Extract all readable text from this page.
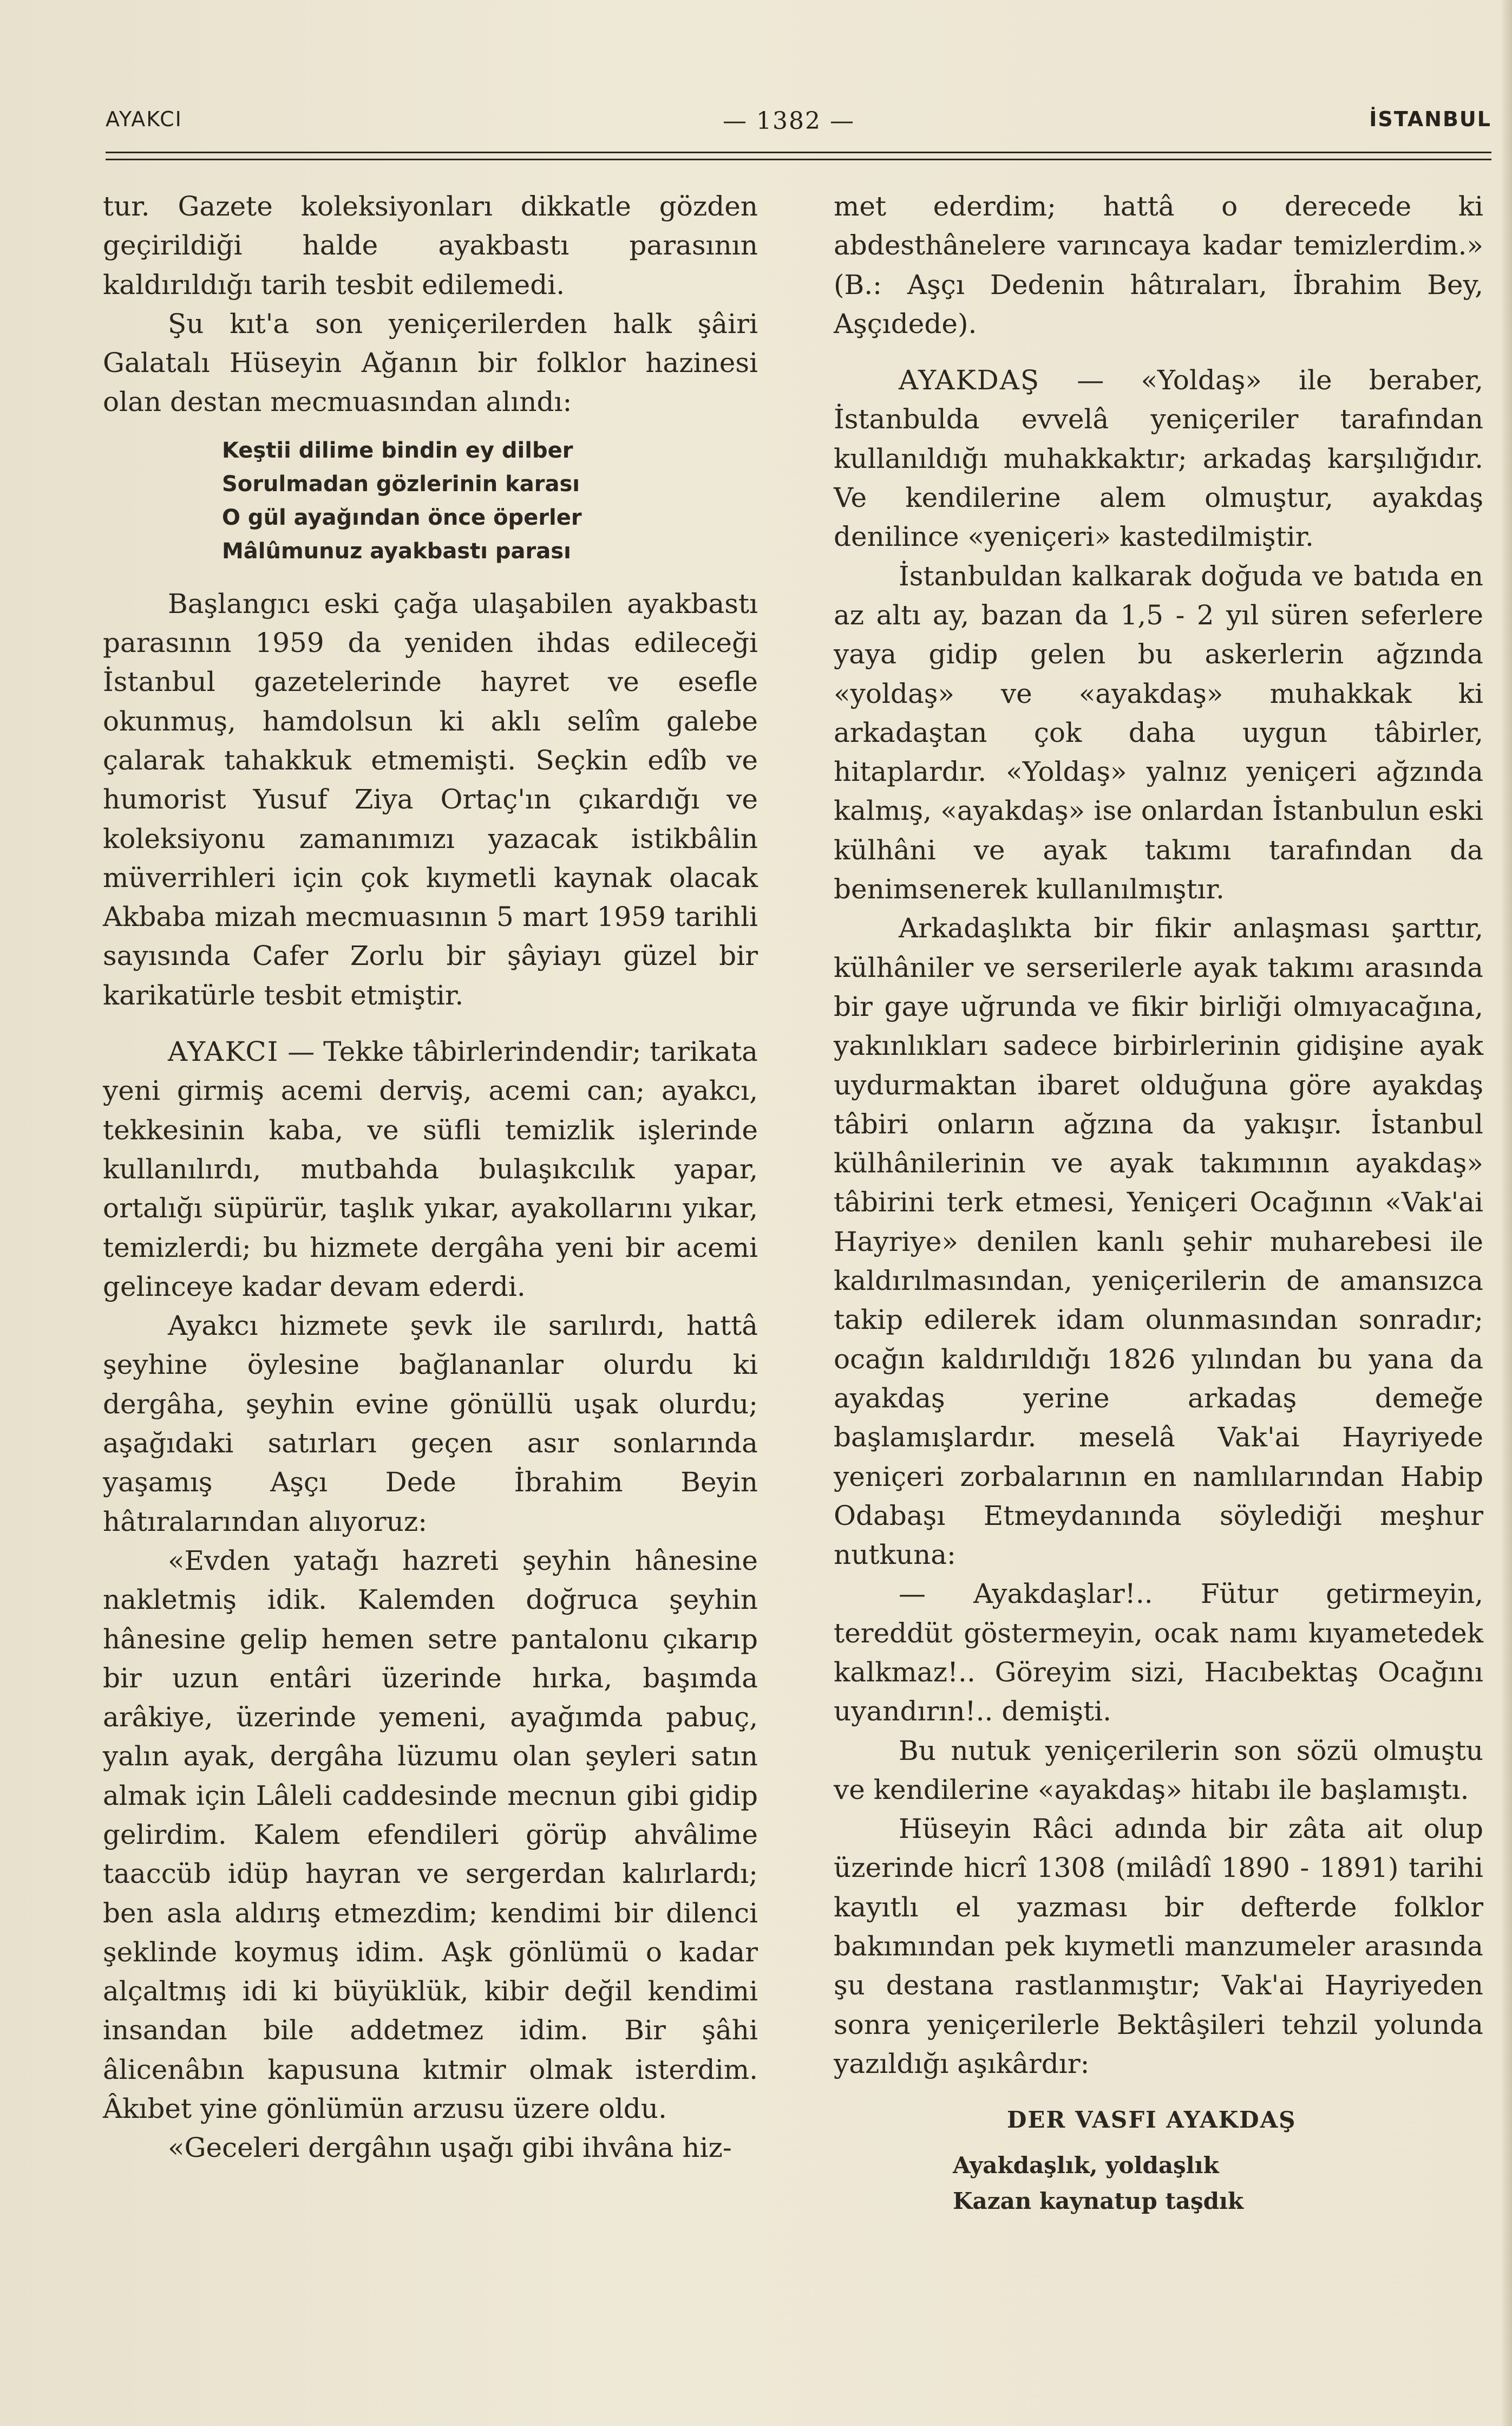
AYAKCI	— 1382 —	İSTANBUL

tur. Gazete koleksiyonları dikkatle gözden geçirildiği halde ayakbastı parasının kaldırıldığı tarih tesbit edilemedi.

Şu kıt'a son yeniçerilerden halk şâiri Galatalı Hüseyin Ağanın bir folklor hazinesi olan destan mecmuasından alındı:

Keştii dilime bindin ey dilber
Sorulmadan gözlerinin karası
O gül ayağından önce öperler
Mâlûmunuz ayakbastı parası

Başlangıcı eski çağa ulaşabilen ayakbastı parasının 1959 da yeniden ihdas edileceği İstanbul gazetelerinde hayret ve esefle okunmuş, hamdolsun ki aklı selîm galebe çalarak tahakkuk etmemişti. Seçkin edîb ve humorist Yusuf Ziya Ortaç'ın çıkardığı ve koleksiyonu zamanımızı yazacak istikbâlin müverrihleri için çok kıymetli kaynak olacak Akbaba mizah mecmuasının 5 mart 1959 tarihli sayısında Cafer Zorlu bir şâyiayı güzel bir karikatürle tesbit etmiştir.

AYAKCI — Tekke tâbirlerindendir; tarikata yeni girmiş acemi derviş, acemi can; ayakcı, tekkesinin kaba, ve süfli temizlik işlerinde kullanılırdı, mutbahda bulaşıkcılık yapar, ortalığı süpürür, taşlık yıkar, ayakollarını yıkar, temizlerdi; bu hizmete dergâha yeni bir acemi gelinceye kadar devam ederdi.

Ayakcı hizmete şevk ile sarılırdı, hattâ şeyhine öylesine bağlananlar olurdu ki dergâha, şeyhin evine gönüllü uşak olurdu; aşağıdaki satırları geçen asır sonlarında yaşamış Aşçı Dede İbrahim Beyin hâtıralarından alıyoruz:

«Evden yatağı hazreti şeyhin hânesine nakletmiş idik. Kalemden doğruca şeyhin hânesine gelip hemen setre pantalonu çıkarıp bir uzun entâri üzerinde hırka, başımda arâkiye, üzerinde yemeni, ayağımda pabuç, yalın ayak, dergâha lüzumu olan şeyleri satın almak için Lâleli caddesinde mecnun gibi gidip gelirdim. Kalem efendileri görüp ahvâlime taaccüb idüp hayran ve sergerdan kalırlardı; ben asla aldırış etmezdim; kendimi bir dilenci şeklinde koymuş idim. Aşk gönlümü o kadar alçaltmış idi ki büyüklük, kibir değil kendimi insandan bile addetmez idim. Bir şâhi âlicenâbın kapusuna kıtmir olmak isterdim. Âkıbet yine gönlümün arzusu üzere oldu.

«Geceleri dergâhın uşağı gibi ihvâna hiz-

met ederdim; hattâ o derecede ki abdesthânelere varıncaya kadar temizlerdim.» (B.: Aşçı Dedenin hâtıraları, İbrahim Bey, Aşçıdede).

AYAKDAŞ — «Yoldaş» ile beraber, İstanbulda evvelâ yeniçeriler tarafından kullanıldığı muhakkaktır; arkadaş karşılığıdır. Ve kendilerine alem olmuştur, ayakdaş denilince «yeniçeri» kastedilmiştir.

İstanbuldan kalkarak doğuda ve batıda en az altı ay, bazan da 1,5 - 2 yıl süren seferlere yaya gidip gelen bu askerlerin ağzında «yoldaş» ve «ayakdaş» muhakkak ki arkadaştan çok daha uygun tâbirler, hitaplardır. «Yoldaş» yalnız yeniçeri ağzında kalmış, «ayakdaş» ise onlardan İstanbulun eski külhâni ve ayak takımı tarafından da benimsenerek kullanılmıştır.

Arkadaşlıkta bir fikir anlaşması şarttır, külhâniler ve serserilerle ayak takımı arasında bir gaye uğrunda ve fikir birliği olmıyacağına, yakınlıkları sadece birbirlerinin gidişine ayak uydurmaktan ibaret olduğuna göre ayakdaş tâbiri onların ağzına da yakışır. İstanbul külhânilerinin ve ayak takımının ayakdaş» tâbirini terk etmesi, Yeniçeri Ocağının «Vak'ai Hayriye» denilen kanlı şehir muharebesi ile kaldırılmasından, yeniçerilerin de amansızca takip edilerek idam olunmasından sonradır; ocağın kaldırıldığı 1826 yılından bu yana da ayakdaş yerine arkadaş demeğe başlamışlardır. meselâ Vak'ai Hayriyede yeniçeri zorbalarının en namlılarından Habip Odabaşı Etmeydanında söylediği meşhur nutkuna:

— Ayakdaşlar!.. Fütur getirmeyin, tereddüt göstermeyin, ocak namı kıyametedek kalkmaz!.. Göreyim sizi, Hacıbektaş Ocağını uyandırın!.. demişti.

Bu nutuk yeniçerilerin son sözü olmuştu ve kendilerine «ayakdaş» hitabı ile başlamıştı.

Hüseyin Râci adında bir zâta ait olup üzerinde hicrî 1308 (milâdî 1890 - 1891) tarihi kayıtlı el yazması bir defterde folklor bakımından pek kıymetli manzumeler arasında şu destana rastlanmıştır; Vak'ai Hayriyeden sonra yeniçerilerle Bektâşileri tehzil yolunda yazıldığı aşıkârdır:

DER VASFI AYAKDAŞ
Ayakdaşlık, yoldaşlık
Kazan kaynatup taşdık
